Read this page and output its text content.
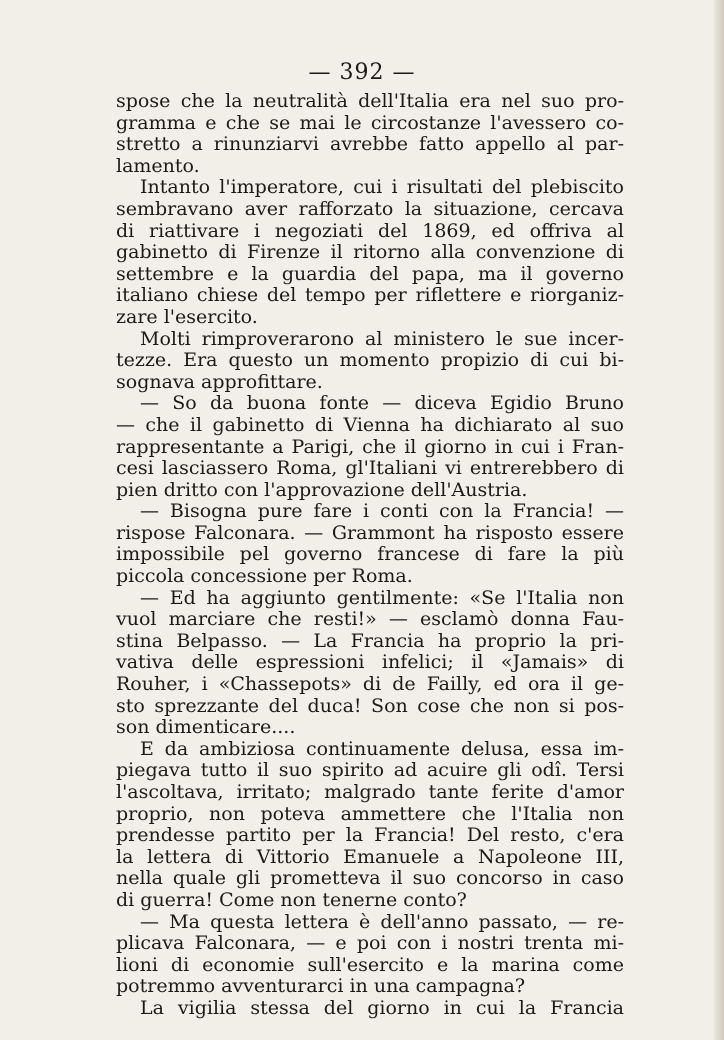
— 392 —
sposе che la neutralità dell'Italia era nel suo pro-
gramma e che se mai le circostanze l'avessero co-
stretto a rinunziarvi avrebbe fatto appello al par-
lamento.
Intanto l'imperatore, cui i risultati del plebiscito
sembravano aver rafforzato la situazione, cercava
di riattivare i negoziati del 1869, ed offriva al
gabinetto di Firenze il ritorno alla convenzione di
settembre e la guardia del papa, ma il governo
italiano chiese del tempo per riflettere e riorganiz-
zare l'esercito.
Molti rimproverarono al ministero le sue incer-
tezze. Era questo un momento propizio di cui bi-
sognava approfittare.
— So da buona fonte — diceva Egidio Bruno
— che il gabinetto di Vienna ha dichiarato al suo
rappresentante a Parigi, che il giorno in cui i Fran-
cesi lasciassero Roma, gl'Italiani vi entrerebbero di
pien dritto con l'approvazione dell'Austria.
— Bisogna pure fare i conti con la Francia! —
rispose Falconara. — Grammont ha risposto essere
impossibile pel governo francese di fare la più
piccola concessione per Roma.
— Ed ha aggiunto gentilmente: «Se l'Italia non
vuol marciare che resti!» — esclamò donna Fau-
stina Belpasso. — La Francia ha proprio la pri-
vativa delle espressioni infelici; il «Jamais» di
Rouher, i «Chassepots» di de Failly, ed ora il ge-
sto sprezzante del duca! Son cose che non si pos-
son dimenticare....
E da ambiziosa continuamente delusa, essa im-
piegava tutto il suo spirito ad acuire gli odî. Tersi
l'ascoltava, irritato; malgrado tante ferite d'amor
proprio, non poteva ammettere che l'Italia non
prendesse partito per la Francia! Del resto, c'era
la lettera di Vittorio Emanuele a Napoleone III,
nella quale gli prometteva il suo concorso in caso
di guerra! Come non tenerne conto?
— Ma questa lettera è dell'anno passato, — re-
plicava Falconara, — e poi con i nostri trenta mi-
lioni di economie sull'esercito e la marina come
potremmo avventurarci in una campagna?
La vigilia stessa del giorno in cui la Francia
